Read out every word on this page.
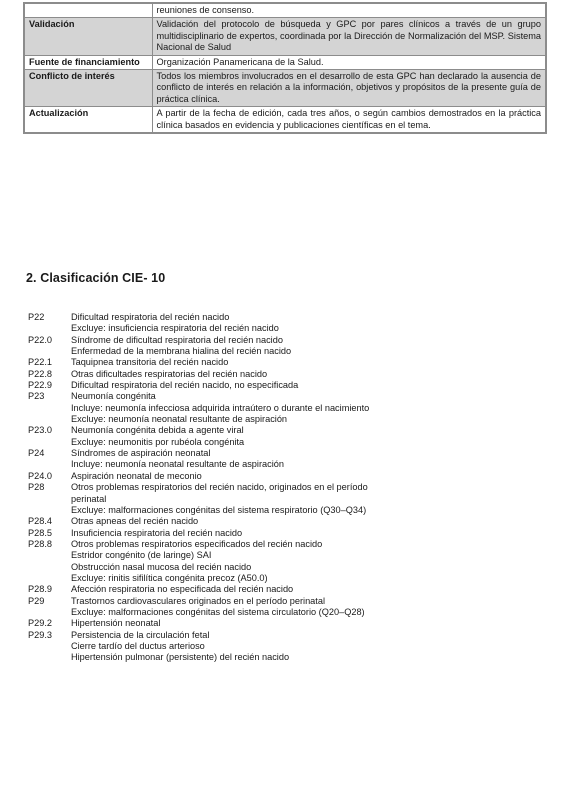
	reuniones de consenso.
Validación	Validación del protocolo de búsqueda y GPC por pares clínicos a través de un grupo multidisciplinario de expertos, coordinada por la Dirección de Normalización del MSP. Sistema Nacional de Salud
Fuente de financiamiento	Organización Panamericana de la Salud.
Conflicto de interés	Todos los miembros involucrados en el desarrollo de esta GPC han declarado la ausencia de conflicto de interés en relación a la información, objetivos y propósitos de la presente guía de práctica clínica.
Actualización	A partir de la fecha de edición, cada tres años, o según cambios demostrados en la práctica clínica basados en evidencia y publicaciones científicas en el tema.
2. Clasificación CIE- 10
P22	Dificultad respiratoria del recién nacido
Excluye: insuficiencia respiratoria del recién nacido
P22.0	Síndrome de dificultad respiratoria del recién nacido
Enfermedad de la membrana hialina del recién nacido
P22.1	Taquipnea transitoria del recién nacido
P22.8	Otras dificultades respiratorias del recién nacido
P22.9	Dificultad respiratoria del recién nacido, no especificada
P23	Neumonía congénita
Incluye: neumonía infecciosa adquirida intraútero o durante el nacimiento
Excluye: neumonía neonatal resultante de aspiración
P23.0	Neumonía congénita debida a agente viral
Excluye: neumonitis por rubéola congénita
P24	Síndromes de aspiración neonatal
Incluye: neumonía neonatal resultante de aspiración
P24.0	Aspiración neonatal de meconio
P28	Otros problemas respiratorios del recién nacido, originados en el período
perinatal
Excluye: malformaciones congénitas del sistema respiratorio (Q30–Q34)
P28.4	Otras apneas del recién nacido
P28.5	Insuficiencia respiratoria del recién nacido
P28.8	Otros problemas respiratorios especificados del recién nacido
Estridor congénito (de laringe) SAI
Obstrucción nasal mucosa del recién nacido
Excluye: rinitis sifilítica congénita precoz (A50.0)
P28.9	Afección respiratoria no especificada del recién nacido
P29	Trastornos cardiovasculares originados en el período perinatal
Excluye: malformaciones congénitas del sistema circulatorio (Q20–Q28)
P29.2	Hipertensión neonatal
P29.3	Persistencia de la circulación fetal
Cierre tardío del ductus arterioso
Hipertensión pulmonar (persistente) del recién nacido
